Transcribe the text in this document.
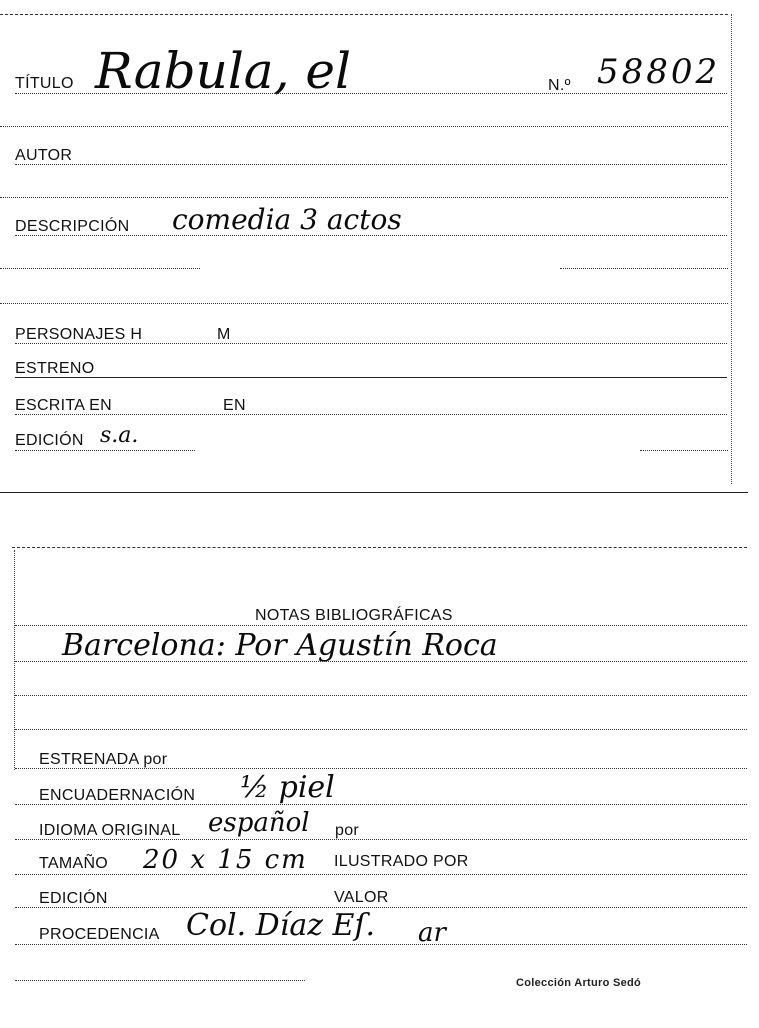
TÍTULO Rabula, el	N.º 58802
AUTOR
DESCRIPCIÓN comedia 3 actos
PERSONAJES H	M
ESTRENO
ESCRITA EN	EN
EDICIÓN s.a.
NOTAS BIBLIOGRÁFICAS
Barcelona: Por Agustín Roca
ESTRENADA por
ENCUADERNACIÓN ½ piel
IDIOMA ORIGINAL español por
TAMAÑO 20 x 15 cm ILUSTRADO POR
EDICIÓN	VALOR
PROCEDENCIA Col. Díaz Eſ. ar
Colección Arturo Sedó
